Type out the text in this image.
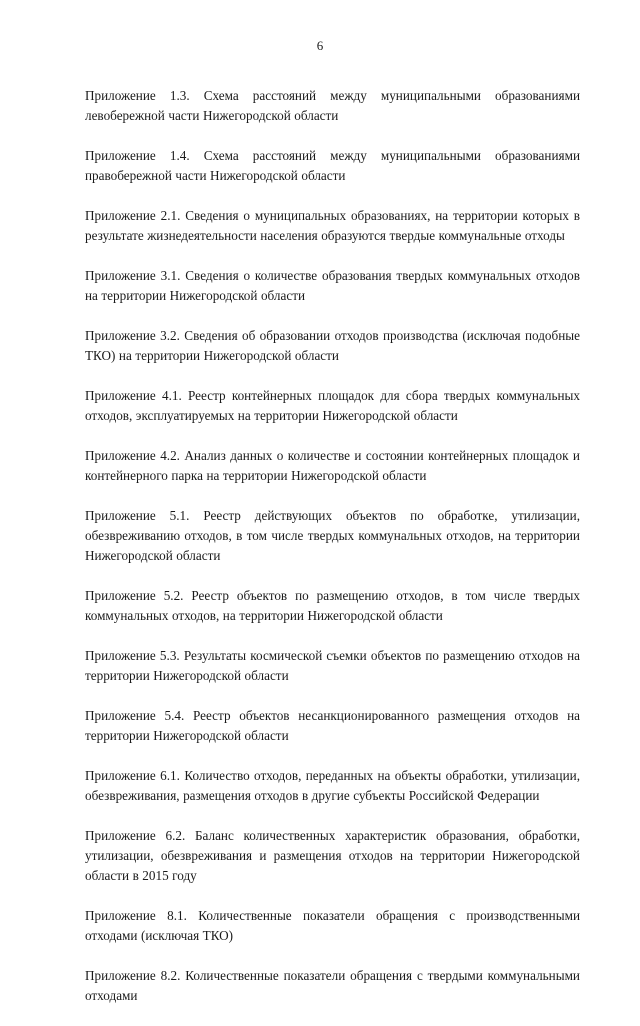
6
Приложение 1.3. Схема расстояний между муниципальными образованиями левобережной части Нижегородской области
Приложение 1.4. Схема расстояний между муниципальными образованиями правобережной части Нижегородской области
Приложение 2.1. Сведения о муниципальных образованиях, на территории которых в результате жизнедеятельности населения образуются твердые коммунальные отходы
Приложение 3.1. Сведения о количестве образования твердых коммунальных отходов на территории Нижегородской области
Приложение 3.2. Сведения об образовании отходов производства (исключая подобные ТКО) на территории Нижегородской области
Приложение 4.1. Реестр контейнерных площадок для сбора твердых коммунальных отходов, эксплуатируемых на территории Нижегородской области
Приложение 4.2. Анализ данных о количестве и состоянии контейнерных площадок и контейнерного парка на территории Нижегородской области
Приложение 5.1. Реестр действующих объектов по обработке, утилизации, обезвреживанию отходов, в том числе твердых коммунальных отходов, на территории Нижегородской области
Приложение 5.2. Реестр объектов по размещению отходов, в том числе твердых коммунальных отходов, на территории Нижегородской области
Приложение 5.3. Результаты космической съемки объектов по размещению отходов на территории Нижегородской области
Приложение 5.4. Реестр объектов несанкционированного размещения отходов на территории Нижегородской области
Приложение 6.1. Количество отходов, переданных на объекты обработки, утилизации, обезвреживания, размещения отходов в другие субъекты Российской Федерации
Приложение 6.2. Баланс количественных характеристик образования, обработки, утилизации, обезвреживания и размещения отходов на территории Нижегородской области в 2015 году
Приложение 8.1. Количественные показатели обращения с производственными отходами (исключая ТКО)
Приложение 8.2. Количественные показатели обращения с твердыми коммунальными отходами
